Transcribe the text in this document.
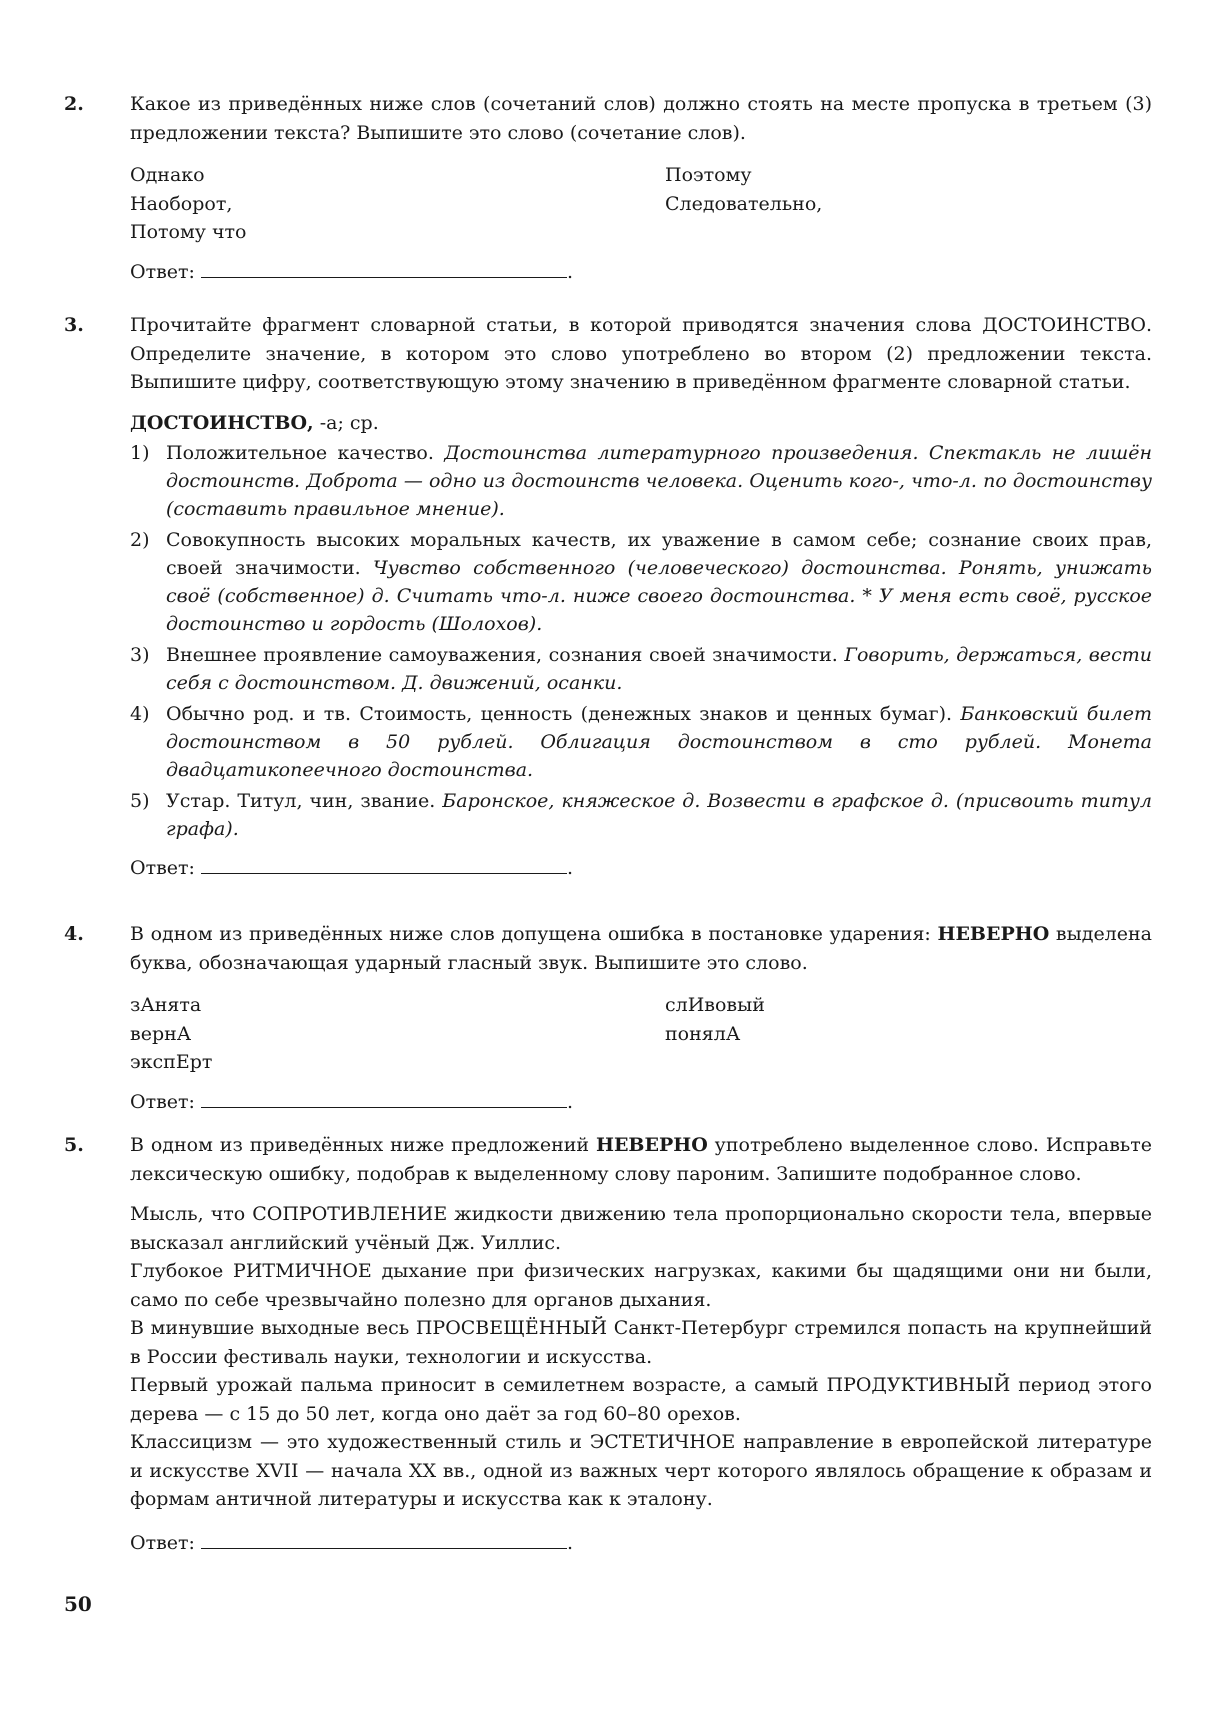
2. Какое из приведённых ниже слов (сочетаний слов) должно стоять на месте пропуска в третьем (3) предложении текста? Выпишите это слово (сочетание слов).

Однако
Наоборот,
Потому что
Поэтому
Следовательно,
Ответ:	.
3. Прочитайте фрагмент словарной статьи, в которой приводятся значения слова ДОСТОИНСТВО. Определите значение, в котором это слово употреблено во втором (2) предложении текста. Выпишите цифру, соответствующую этому значению в приведённом фрагменте словарной статьи.

ДОСТОИНСТВО, -а; ср.
1) Положительное качество. Достоинства литературного произведения. Спектакль не лишён достоинств. Доброта — одно из достоинств человека. Оценить кого-, что-л. по достоинству (составить правильное мнение).
2) Совокупность высоких моральных качеств, их уважение в самом себе; сознание своих прав, своей значимости. Чувство собственного (человеческого) достоинства. Ронять, унижать своё (собственное) д. Считать что-л. ниже своего достоинства. * У меня есть своё, русское достоинство и гордость (Шолохов).
3) Внешнее проявление самоуважения, сознания своей значимости. Говорить, держаться, вести себя с достоинством. Д. движений, осанки.
4) Обычно род. и тв. Стоимость, ценность (денежных знаков и ценных бумаг). Банковский билет достоинством в 50 рублей. Облигация достоинством в сто рублей. Монета двадцатикопеечного достоинства.
5) Устар. Титул, чин, звание. Баронское, княжеское д. Возвести в графское д. (присвоить титул графа).
Ответ:	.
4. В одном из приведённых ниже слов допущена ошибка в постановке ударения: НЕВЕРНО выделена буква, обозначающая ударный гласный звук. Выпишите это слово.

зАнята
вернА
экспЕрт
слИвовый
понялА
Ответ:	.
5. В одном из приведённых ниже предложений НЕВЕРНО употреблено выделенное слово. Исправьте лексическую ошибку, подобрав к выделенному слову пароним. Запишите подобранное слово.

Мысль, что СОПРОТИВЛЕНИЕ жидкости движению тела пропорционально скорости тела, впервые высказал английский учёный Дж. Уиллис.

Глубокое РИТМИЧНОЕ дыхание при физических нагрузках, какими бы щадящими они ни были, само по себе чрезвычайно полезно для органов дыхания.

В минувшие выходные весь ПРОСВЕЩЁННЫЙ Санкт-Петербург стремился попасть на крупнейший в России фестиваль науки, технологии и искусства.

Первый урожай пальма приносит в семилетнем возрасте, а самый ПРОДУКТИВНЫЙ период этого дерева — с 15 до 50 лет, когда оно даёт за год 60–80 орехов.

Классицизм — это художественный стиль и ЭСТЕТИЧНОЕ направление в европейской литературе и искусстве XVII — начала XX вв., одной из важных черт которого являлось обращение к образам и формам античной литературы и искусства как к эталону.

Ответ:	.
50
